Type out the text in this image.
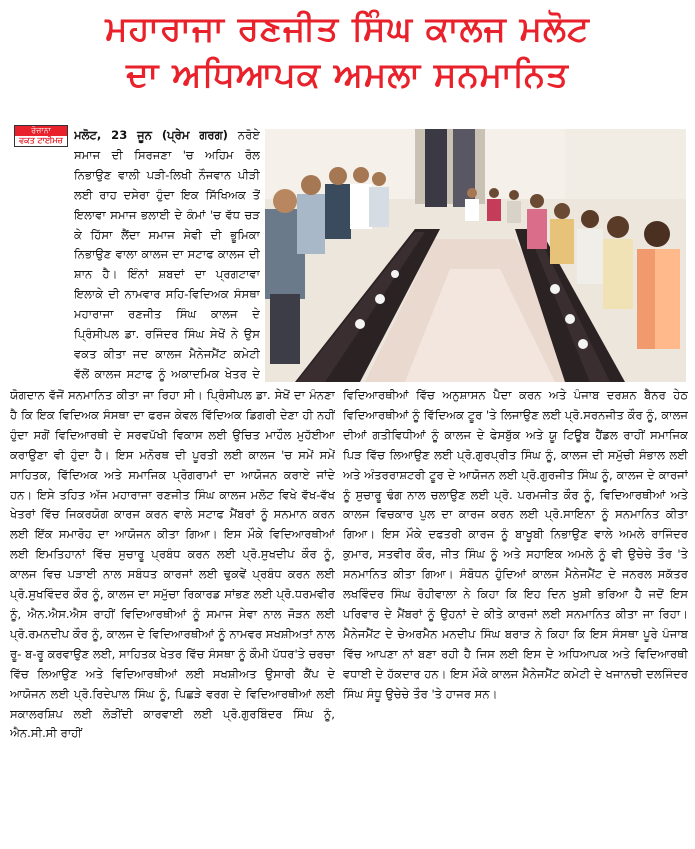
ਮਹਾਰਾਜਾ ਰਣਜੀਤ ਸਿੰਘ ਕਾਲਜ ਮਲੋਟ
ਦਾ ਅਧਿਆਪਕ ਅਮਲਾ ਸਨਮਾਨਿਤ
ਰੋਜ਼ਾਨਾ
ਵਕਤ ਟਾਈਮਜ਼ ਮਲੋਟ, 23 ਜੂਨ (ਪ੍ਰੇਮ ਗਰਗ) ਨਰੋਏ ਸਮਾਜ ਦੀ ਸਿਰਜਣਾ 'ਚ ਅਹਿਮ ਰੋਲ ਨਿਭਾਉਣ ਵਾਲੀ ਪੜੀ-ਲਿਖੀ ਨੌਜਵਾਨ ਪੀੜੀ ਲਈ ਰਾਹ ਦਸੇਰਾ ਹੁੰਦਾ ਇਕ ਸਿੱਖਿਅਕ ਤੋਂ ਇਲਾਵਾ ਸਮਾਜ ਭਲਾਈ ਦੇ ਕੰਮਾਂ 'ਚ ਵੱਧ ਚੜ ਕੇ ਹਿੱਸਾ ਲੈਂਦਾ ਸਮਾਜ ਸੇਵੀ ਦੀ ਭੂਮਿਕਾ ਨਿਭਾਉਣ ਵਾਲਾ ਕਾਲਜ ਦਾ ਸਟਾਫ ਕਾਲਜ ਦੀ ਸ਼ਾਨ ਹੈ। ਇੰਨਾਂ ਸ਼ਬਦਾਂ ਦਾ ਪ੍ਰਗਟਾਵਾ ਇਲਾਕੇ ਦੀ ਨਾਮਵਾਰ ਸਹਿ-ਵਿਦਿਅਕ ਸੰਸਥਾ ਮਹਾਰਾਜਾ ਰਣਜੀਤ ਸਿੰਘ ਕਾਲਜ ਦੇ ਪ੍ਰਿੰਸੀਪਲ ਡਾ. ਰਜਿੰਦਰ ਸਿੰਘ ਸੇਖੋਂ ਨੇ ਉਸ ਵਕਤ ਕੀਤਾ ਜਦ ਕਾਲਜ ਮੈਨੇਜਮੈਂਟ ਕਮੇਟੀ ਵੱਲੋਂ ਕਾਲਜ ਸਟਾਫ ਨੂੰ ਅਕਾਦਮਿਕ ਖੇਤਰ ਦੇ
ਯੋਗਦਾਨ ਵੱਜੋਂ ਸਨਮਾਨਿਤ ਕੀਤਾ ਜਾ ਰਿਹਾ ਸੀ। ਪ੍ਰਿੰਸੀਪਲ ਡਾ. ਸੇਖੋਂ ਦਾ ਮੰਨਣਾ ਹੈ ਕਿ ਇਕ ਵਿਦਿਅਕ ਸੰਸਥਾ ਦਾ ਫਰਜ ਕੇਵਲ ਵਿੱਦਿਅਕ ਡਿਗਰੀ ਦੇਣਾ ਹੀ ਨਹੀਂ ਹੁੰਦਾ ਸਗੋਂ ਵਿਦਿਆਰਥੀ ਦੇ ਸਰਵਪੱਖੀ ਵਿਕਾਸ ਲਈ ਉਚਿਤ ਮਾਹੌਲ ਮੁਹੱਈਆ ਕਰਾਉਣਾ ਵੀ ਹੁੰਦਾ ਹੈ। ਇਸ ਮਨੋਰਥ ਦੀ ਪੂਰਤੀ ਲਈ ਕਾਲਜ 'ਚ ਸਮੇਂ ਸਮੇਂ ਸਾਹਿਤਕ, ਵਿੱਦਿਅਕ ਅਤੇ ਸਮਾਜਿਕ ਪ੍ਰੋਗਰਾਮਾਂ ਦਾ ਆਯੋਜਨ ਕਰਾਏ ਜਾਂਦੇ ਹਨ। ਇਸੇ ਤਹਿਤ ਅੱਜ ਮਹਾਰਾਜਾ ਰਣਜੀਤ ਸਿੰਘ ਕਾਲਜ ਮਲੋਟ ਵਿਖੇ ਵੱਖ-ਵੱਖ ਖੇਤਰਾਂ ਵਿੱਚ ਜਿਕਰਯੋਗ ਕਾਰਜ ਕਰਨ ਵਾਲੇ ਸਟਾਫ ਮੈਂਬਰਾਂ ਨੂੰ ਸਨਮਾਨ ਕਰਨ ਲਈ ਇੱਕ ਸਮਾਰੋਹ ਦਾ ਆਯੋਜਨ ਕੀਤਾ ਗਿਆ। ਇਸ ਮੌਕੇ ਵਿਦਿਆਰਥੀਆਂ ਲਈ ਇਮਤਿਹਾਨਾਂ ਵਿੱਚ ਸੁਚਾਰੂ ਪ੍ਰਬੰਧ ਕਰਨ ਲਈ ਪ੍ਰੋ.ਸੁਖਦੀਪ ਕੌਰ ਨੂੰ, ਕਾਲਜ ਵਿਚ ਪੜਾਈ ਨਾਲ ਸਬੰਧਤ ਕਾਰਜਾਂ ਲਈ ਢੁਕਵੇਂ ਪ੍ਰਬੰਧ ਕਰਨ ਲਈ ਪ੍ਰੋ.ਸੁਖਵਿੰਦਰ ਕੌਰ ਨੂੰ, ਕਾਲਜ ਦਾ ਸਮੁੱਚਾ ਰਿਕਾਰਡ ਸਾਂਭਣ ਲਈ ਪ੍ਰੋ.ਧਰਮਵੀਰ ਨੂੰ, ਐਨ.ਐਸ.ਐਸ ਰਾਹੀਂ ਵਿਦਿਆਰਥੀਆਂ ਨੂੰ ਸਮਾਜ ਸੇਵਾ ਨਾਲ ਜੋੜਨ ਲਈ ਪ੍ਰੋ.ਰਮਨਦੀਪ ਕੌਰ ਨੂੰ, ਕਾਲਜ ਦੇ ਵਿਦਿਆਰਥੀਆਂ ਨੂੰ ਨਾਮਵਰ ਸਖਸ਼ੀਅਤਾਂ ਨਾਲ ਰੂ- ਬ-ਰੂ ਕਰਵਾਉਣ ਲਈ, ਸਾਹਿਤਕ ਖੇਤਰ ਵਿੱਚ ਸੰਸਥਾ ਨੂੰ ਕੌਮੀ ਪੱਧਰ'ਤੇ ਚਰਚਾ ਵਿੱਚ ਲਿਆਉਣ ਅਤੇ ਵਿਦਿਆਰਥੀਆਂ ਲਈ ਸਖਸ਼ੀਅਤ ਉਸਾਰੀ ਕੈਂਪ ਦੇ ਆਯੋਜਨ ਲਈ ਪ੍ਰੋ.ਰਿਦੇਪਾਲ ਸਿੰਘ ਨੂੰ, ਪਿਛੜੇ ਵਰਗ ਦੇ ਵਿਦਿਆਰਥੀਆਂ ਲਈ ਸਕਾਲਰਸ਼ਿਪ ਲਈ ਲੋੜੀਂਦੀ ਕਾਰਵਾਈ ਲਈ ਪ੍ਰੋ.ਗੁਰਬਿੰਦਰ ਸਿੰਘ ਨੂੰ, ਐਨ.ਸੀ.ਸੀ ਰਾਹੀਂ
ਵਿਦਿਆਰਥੀਆਂ ਵਿੱਚ ਅਨੁਸ਼ਾਸਨ ਪੈਦਾ ਕਰਨ ਅਤੇ ਪੰਜਾਬ ਦਰਸ਼ਨ ਬੈਨਰ ਹੇਠ ਵਿਦਿਆਰਥੀਆਂ ਨੂੰ ਵਿੱਦਿਅਕ ਟੂਰ 'ਤੇ ਲਿਜਾਉਣ ਲਈ ਪ੍ਰੋ.ਸਰਨਜੀਤ ਕੌਰ ਨੂੰ, ਕਾਲਜ ਦੀਆਂ ਗਤੀਵਿਧੀਆਂ ਨੂੰ ਕਾਲਜ ਦੇ ਫੇਸਬੁੱਕ ਅਤੇ ਯੂ ਟਿਊਬ ਹੈਂਡਲ ਰਾਹੀਂ ਸਮਾਜਿਕ ਪਿੜ ਵਿੱਚ ਲਿਆਉਣ ਲਈ ਪ੍ਰੋ.ਗੁਰਪ੍ਰੀਤ ਸਿੰਘ ਨੂੰ, ਕਾਲਜ ਦੀ ਸਮੁੱਚੀ ਸੰਭਾਲ ਲਈ ਅਤੇ ਅੰਤਰਰਾਸ਼ਟਰੀ ਟੂਰ ਦੇ ਆਯੋਜਨ ਲਈ ਪ੍ਰੋ.ਗੁਰਜੀਤ ਸਿੰਘ ਨੂੰ, ਕਾਲਜ ਦੇ ਕਾਰਜਾਂ ਨੂੰ ਸੁਚਾਰੂ ਢੰਗ ਨਾਲ ਚਲਾਉਣ ਲਈ ਪ੍ਰੋ. ਪਰਮਜੀਤ ਕੌਰ ਨੂੰ, ਵਿਦਿਆਰਥੀਆਂ ਅਤੇ ਕਾਲਜ ਵਿਚਕਾਰ ਪੁਲ ਦਾ ਕਾਰਜ ਕਰਨ ਲਈ ਪ੍ਰੋ.ਸਾਇਨਾ ਨੂੰ ਸਨਮਾਨਿਤ ਕੀਤਾ ਗਿਆ। ਇਸ ਮੌਕੇ ਦਫਤਰੀ ਕਾਰਜ ਨੂੰ ਬਾਖੂਬੀ ਨਿਭਾਉਣ ਵਾਲੇ ਅਮਲੇ ਰਾਜਿੰਦਰ ਕੁਮਾਰ, ਸਤਵੀਰ ਕੌਰ, ਜੀਤ ਸਿੰਘ ਨੂੰ ਅਤੇ ਸਹਾਇਕ ਅਮਲੇ ਨੂੰ ਵੀ ਉਚੇਚੇ ਤੌਰ 'ਤੇ ਸਨਮਾਨਿਤ ਕੀਤਾ ਗਿਆ। ਸੰਬੋਧਨ ਹੁੰਦਿਆਂ ਕਾਲਜ ਮੈਨੇਜਮੈਂਟ ਦੇ ਜਨਰਲ ਸਕੱਤਰ ਲਖਵਿੰਦਰ ਸਿੰਘ ਰੋਹੀਵਾਲਾ ਨੇ ਕਿਹਾ ਕਿ ਇਹ ਦਿਨ ਖੁਸ਼ੀ ਭਰਿਆ ਹੈ ਜਦੋਂ ਇਸ ਪਰਿਵਾਰ ਦੇ ਮੈਂਬਰਾਂ ਨੂੰ ਉਹਨਾਂ ਦੇ ਕੀਤੇ ਕਾਰਜਾਂ ਲਈ ਸਨਮਾਨਿਤ ਕੀਤਾ ਜਾ ਰਿਹਾ। ਮੈਨੇਜਮੈਂਟ ਦੇ ਚੇਅਰਮੈਨ ਮਨਦੀਪ ਸਿੰਘ ਬਰਾੜ ਨੇ ਕਿਹਾ ਕਿ ਇਸ ਸੰਸਥਾ ਪੂਰੇ ਪੰਜਾਬ ਵਿੱਚ ਆਪਣਾ ਨਾਂ ਬਣਾ ਰਹੀ ਹੈ ਜਿਸ ਲਈ ਇਸ ਦੇ ਅਧਿਆਪਕ ਅਤੇ ਵਿਦਿਆਰਥੀ ਵਧਾਈ ਦੇ ਹੱਕਦਾਰ ਹਨ। ਇਸ ਮੌਕੇ ਕਾਲਜ ਮੈਨੇਜਮੈਂਟ ਕਮੇਟੀ ਦੇ ਖਜਾਨਚੀ ਦਲਜਿੰਦਰ ਸਿੰਘ ਸੰਧੂ ਉਚੇਚੇ ਤੌਰ 'ਤੇ ਹਾਜਰ ਸਨ।
